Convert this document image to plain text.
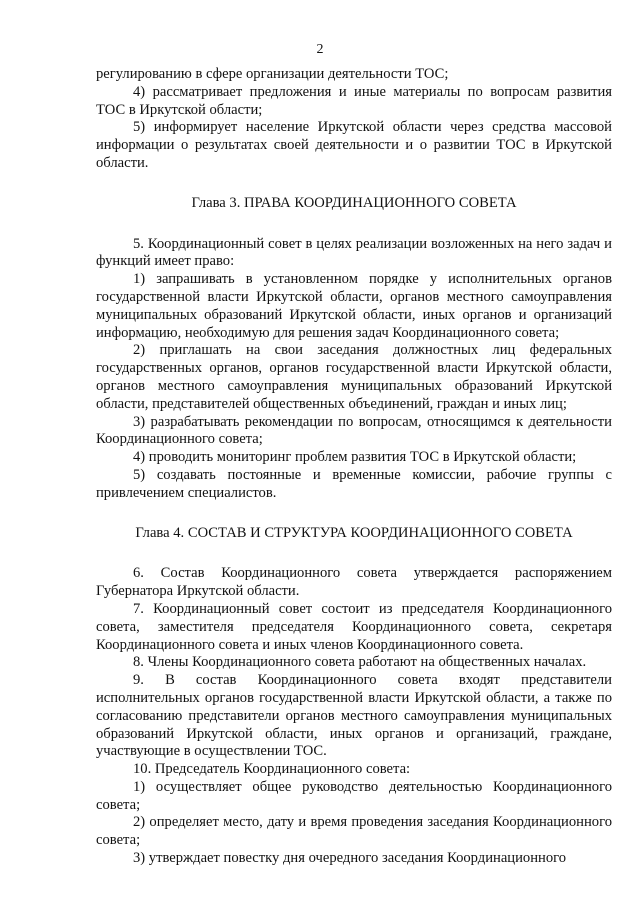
2

регулированию в сфере организации деятельности ТОС;

4) рассматривает предложения и иные материалы по вопросам развития ТОС в Иркутской области;

5) информирует население Иркутской области через средства массовой информации о результатах своей деятельности и о развитии ТОС в Иркутской области.

Глава 3. ПРАВА КООРДИНАЦИОННОГО СОВЕТА

5. Координационный совет в целях реализации возложенных на него задач и функций имеет право:

1) запрашивать в установленном порядке у исполнительных органов государственной власти Иркутской области, органов местного самоуправления муниципальных образований Иркутской области, иных органов и организаций информацию, необходимую для решения задач Координационного совета;

2) приглашать на свои заседания должностных лиц федеральных государственных органов, органов государственной власти Иркутской области, органов местного самоуправления муниципальных образований Иркутской области, представителей общественных объединений, граждан и иных лиц;

3) разрабатывать рекомендации по вопросам, относящимся к деятельности Координационного совета;

4) проводить мониторинг проблем развития ТОС в Иркутской области;

5) создавать постоянные и временные комиссии, рабочие группы с привлечением специалистов.

Глава 4. СОСТАВ И СТРУКТУРА КООРДИНАЦИОННОГО СОВЕТА

6. Состав Координационного совета утверждается распоряжением Губернатора Иркутской области.

7. Координационный совет состоит из председателя Координационного совета, заместителя председателя Координационного совета, секретаря Координационного совета и иных членов Координационного совета.

8. Члены Координационного совета работают на общественных началах.

9. В состав Координационного совета входят представители исполнительных органов государственной власти Иркутской области, а также по согласованию представители органов местного самоуправления муниципальных образований Иркутской области, иных органов и организаций, граждане, участвующие в осуществлении ТОС.

10. Председатель Координационного совета:

1) осуществляет общее руководство деятельностью Координационного совета;

2) определяет место, дату и время проведения заседания Координационного совета;

3) утверждает повестку дня очередного заседания Координационного
